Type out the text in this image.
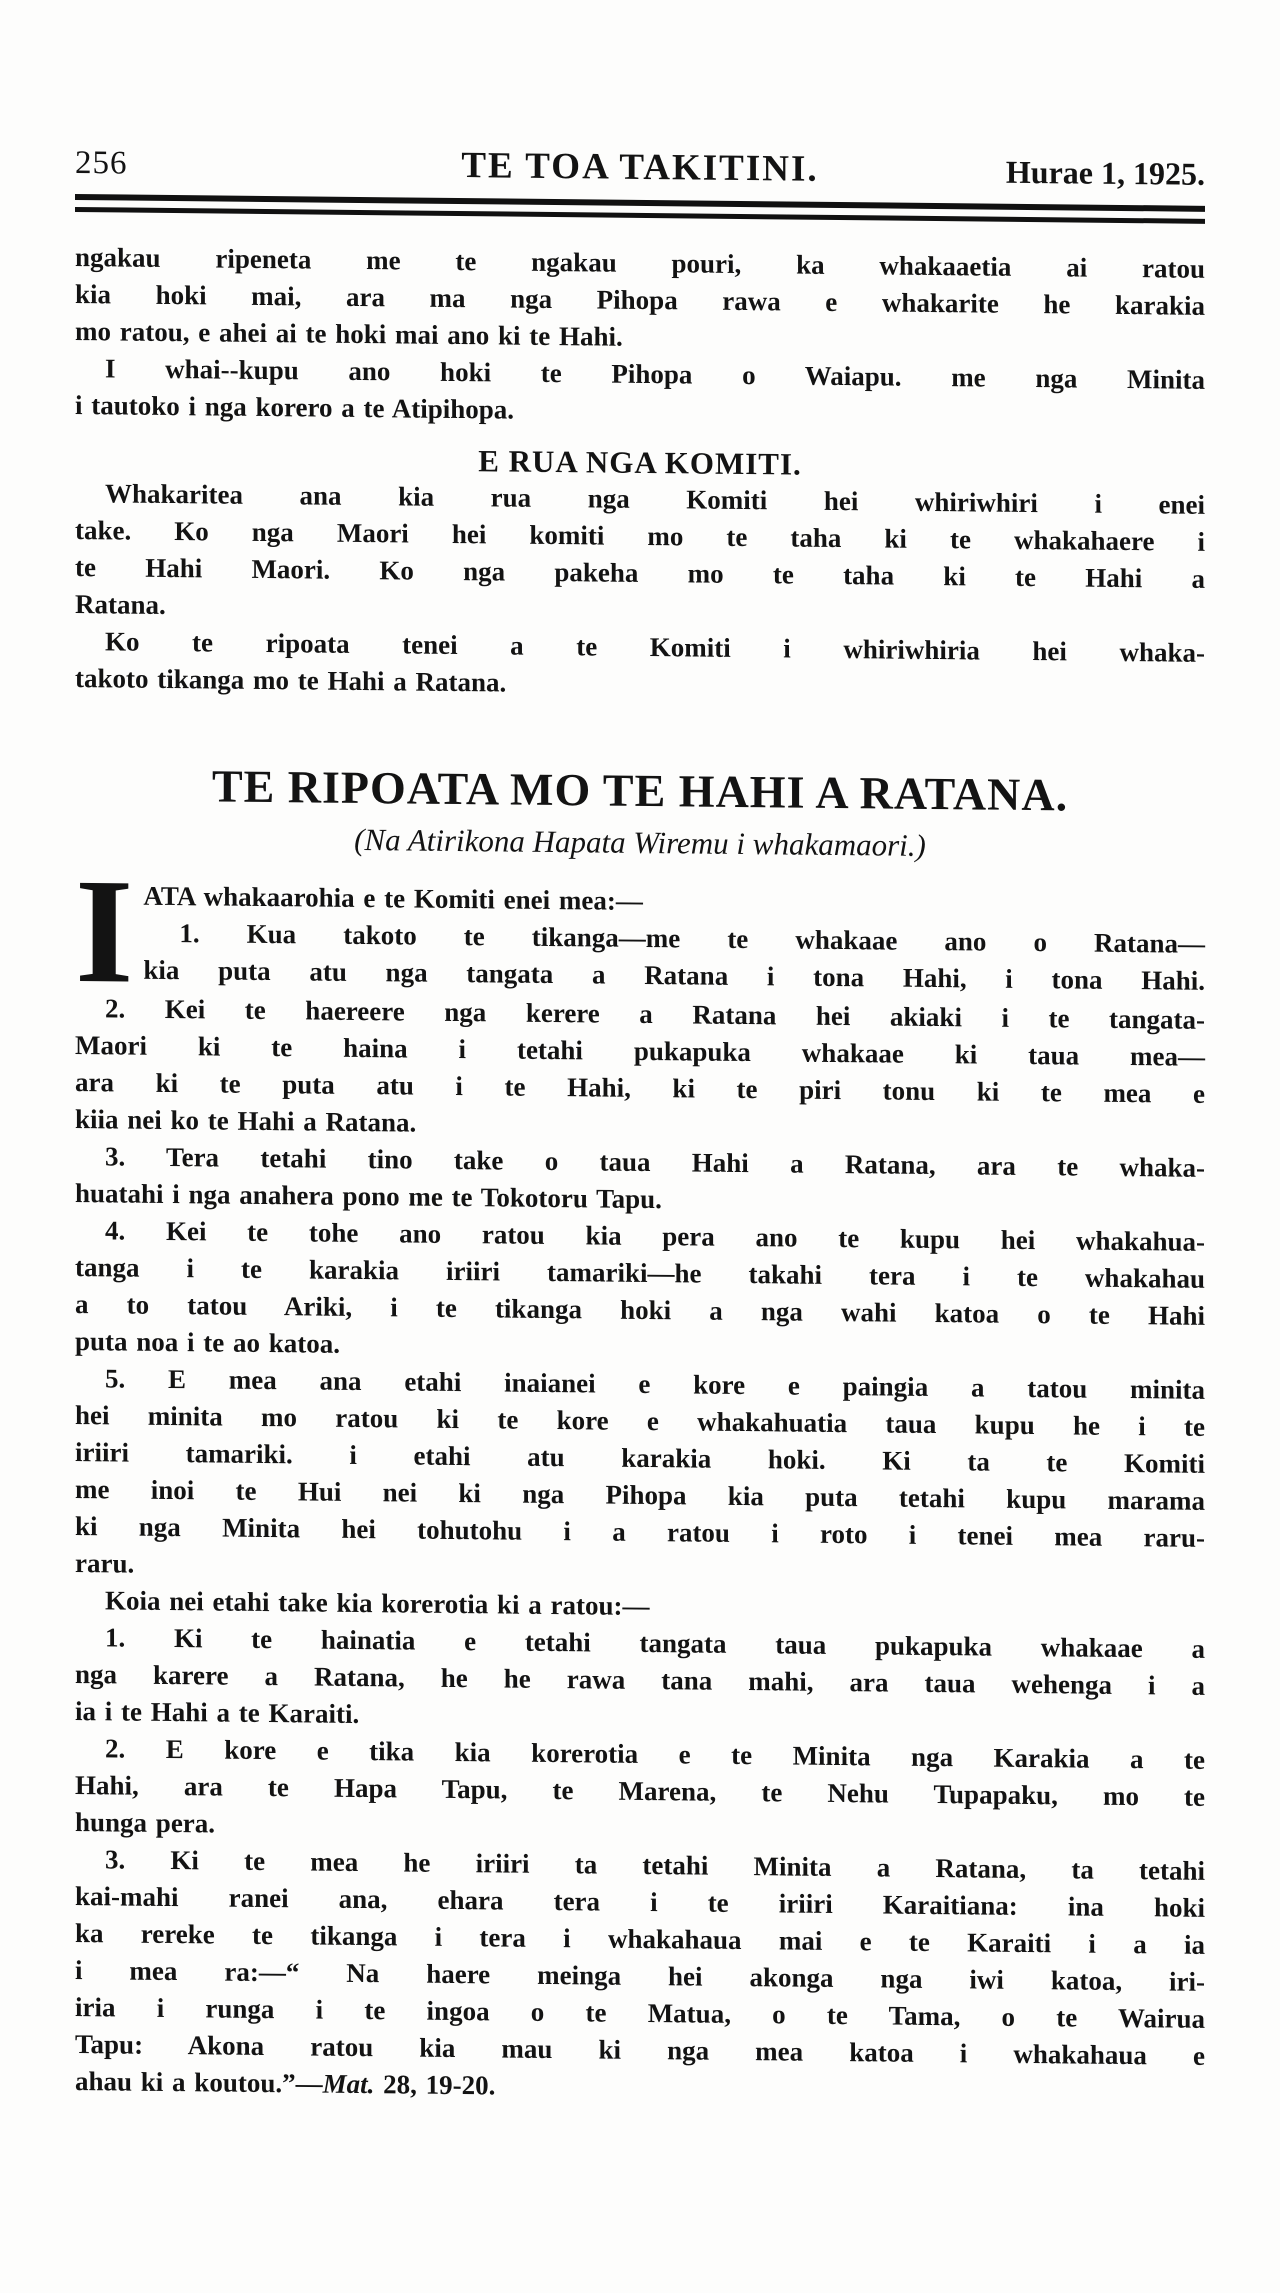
256	TE TOA TAKITINI.	Hurae 1, 1925.
ngakau ripeneta me te ngakau pouri, ka whakaaetia ai ratou
kia hoki mai, ara ma nga Pihopa rawa e whakarite he karakia
mo ratou, e ahei ai te hoki mai ano ki te Hahi.
I whai--kupu ano hoki te Pihopa o Waiapu. me nga Minita
i tautoko i nga korero a te Atipihopa.
E RUA NGA KOMITI.
Whakaritea ana kia rua nga Komiti hei whiriwhiri i enei
take. Ko nga Maori hei komiti mo te taha ki te whakahaere i
te Hahi Maori. Ko nga pakeha mo te taha ki te Hahi a
Ratana.
Ko te ripoata tenei a te Komiti i whiriwhiria hei whaka-
takoto tikanga mo te Hahi a Ratana.
TE RIPOATA MO TE HAHI A RATANA.
(Na Atirikona Hapata Wiremu i whakamaori.)
I ATA whakaarohia e te Komiti enei mea:—
1. Kua takoto te tikanga—me te whakaae ano o Ratana—
kia puta atu nga tangata a Ratana i tona Hahi, i tona Hahi.
2. Kei te haereere nga kerere a Ratana hei akiaki i te tangata-
Maori ki te haina i tetahi pukapuka whakaae ki taua mea—
ara ki te puta atu i te Hahi, ki te piri tonu ki te mea e
kiia nei ko te Hahi a Ratana.
3. Tera tetahi tino take o taua Hahi a Ratana, ara te whaka-
huatahi i nga anahera pono me te Tokotoru Tapu.
4. Kei te tohe ano ratou kia pera ano te kupu hei whakahua-
tanga i te karakia iriiri tamariki—he takahi tera i te whakahau
a to tatou Ariki, i te tikanga hoki a nga wahi katoa o te Hahi
puta noa i te ao katoa.
5. E mea ana etahi inaianei e kore e paingia a tatou minita
hei minita mo ratou ki te kore e whakahuatia taua kupu he i te
iriiri tamariki. i etahi atu karakia hoki. Ki ta te Komiti
me inoi te Hui nei ki nga Pihopa kia puta tetahi kupu marama
ki nga Minita hei tohutohu i a ratou i roto i tenei mea raru-
raru.
Koia nei etahi take kia korerotia ki a ratou:—
1. Ki te hainatia e tetahi tangata taua pukapuka whakaae a
nga karere a Ratana, he he rawa tana mahi, ara taua wehenga i a
ia i te Hahi a te Karaiti.
2. E kore e tika kia korerotia e te Minita nga Karakia a te
Hahi, ara te Hapa Tapu, te Marena, te Nehu Tupapaku, mo te
hunga pera.
3. Ki te mea he iriiri ta tetahi Minita a Ratana, ta tetahi
kai-mahi ranei ana, ehara tera i te iriiri Karaitiana: ina hoki
ka rereke te tikanga i tera i whakahaua mai e te Karaiti i a ia
i mea ra:—“ Na haere meinga hei akonga nga iwi katoa, iri-
iria i runga i te ingoa o te Matua, o te Tama, o te Wairua
Tapu: Akona ratou kia mau ki nga mea katoa i whakahaua e
ahau ki a koutou.”—Mat. 28, 19-20.
